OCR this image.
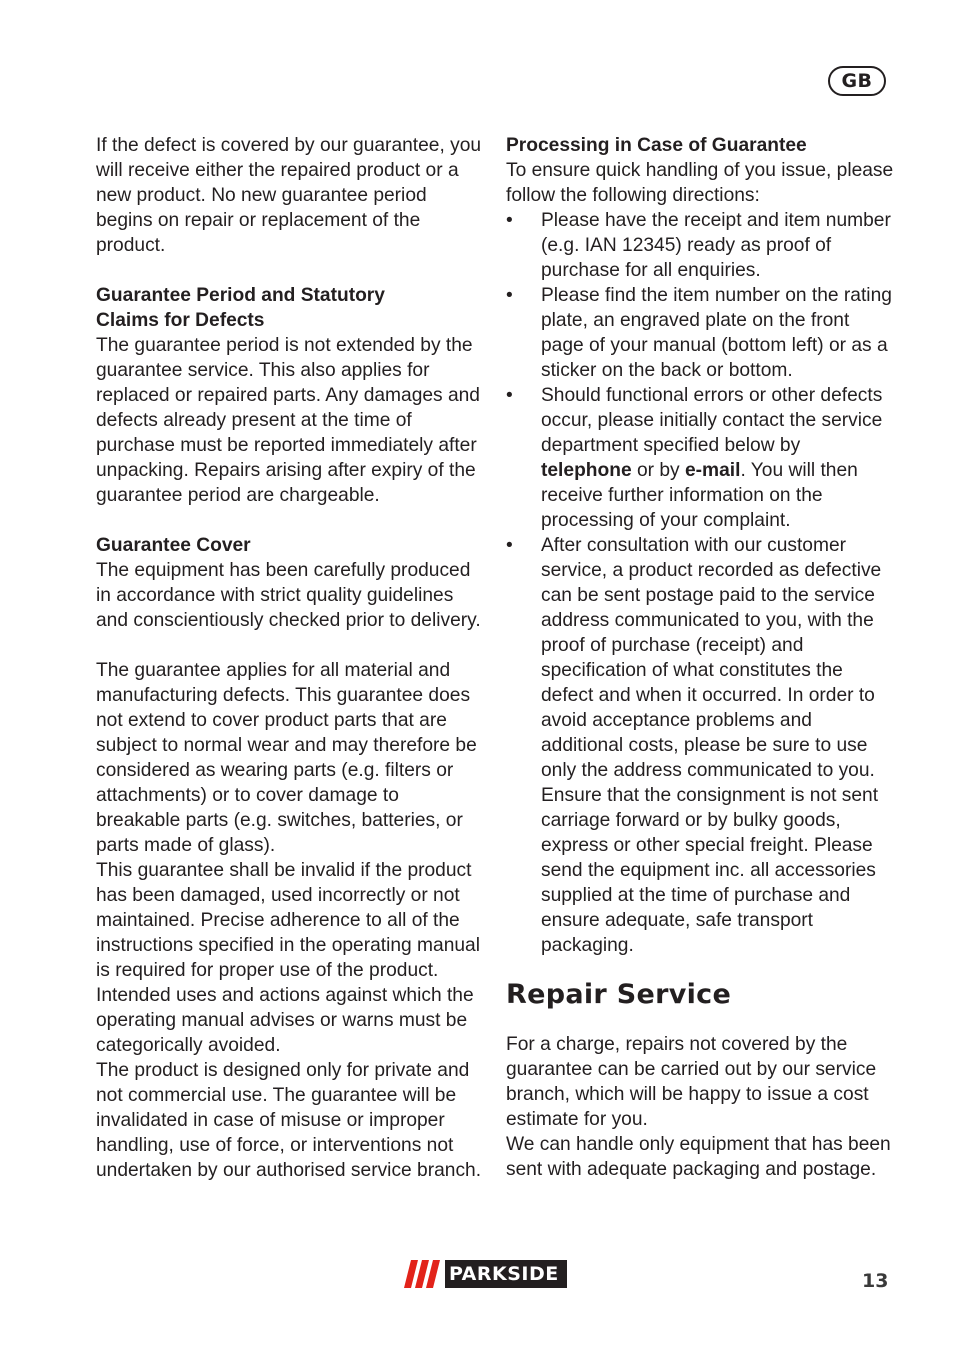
GB

If the defect is covered by our guarantee, you will receive either the repaired product or a new product. No new guarantee period begins on repair or replacement of the product.

Guarantee Period and Statutory
Claims for Defects

The guarantee period is not extended by the guarantee service. This also applies for replaced or repaired parts. Any damages and defects already present at the time of purchase must be reported immediately after unpacking. Repairs arising after expiry of the guarantee period are chargeable.

Guarantee Cover

The equipment has been carefully produced in accordance with strict quality guidelines and conscientiously checked prior to delivery.

The guarantee applies for all material and manufacturing defects. This guarantee does not extend to cover product parts that are subject to normal wear and may therefore be considered as wearing parts (e.g. filters or attachments) or to cover damage to breakable parts (e.g. switches, batteries, or parts made of glass).

This guarantee shall be invalid if the product has been damaged, used incorrectly or not maintained. Precise adherence to all of the instructions specified in the operating manual is required for proper use of the product. Intended uses and actions against which the operating manual advises or warns must be categorically avoided.

The product is designed only for private and not commercial use. The guarantee will be invalidated in case of misuse or improper handling, use of force, or interventions not undertaken by our authorised service branch.

Processing in Case of Guarantee

To ensure quick handling of you issue, please follow the following directions:

• Please have the receipt and item number (e.g. IAN 12345) ready as proof of purchase for all enquiries.
• Please find the item number on the rating plate, an engraved plate on the front page of your manual (bottom left) or as a sticker on the back or bottom.
• Should functional errors or other defects occur, please initially contact the service department specified below by telephone or by e-mail. You will then receive further information on the processing of your complaint.
• After consultation with our customer service, a product recorded as defective can be sent postage paid to the service address communicated to you, with the proof of purchase (receipt) and specification of what constitutes the defect and when it occurred. In order to avoid acceptance problems and additional costs, please be sure to use only the address communicated to you. Ensure that the consignment is not sent carriage forward or by bulky goods, express or other special freight. Please send the equipment inc. all accessories supplied at the time of purchase and ensure adequate, safe transport packaging.
Repair Service

For a charge, repairs not covered by the guarantee can be carried out by our service branch, which will be happy to issue a cost estimate for you.

We can handle only equipment that has been sent with adequate packaging and postage.

PARKSIDE	13
